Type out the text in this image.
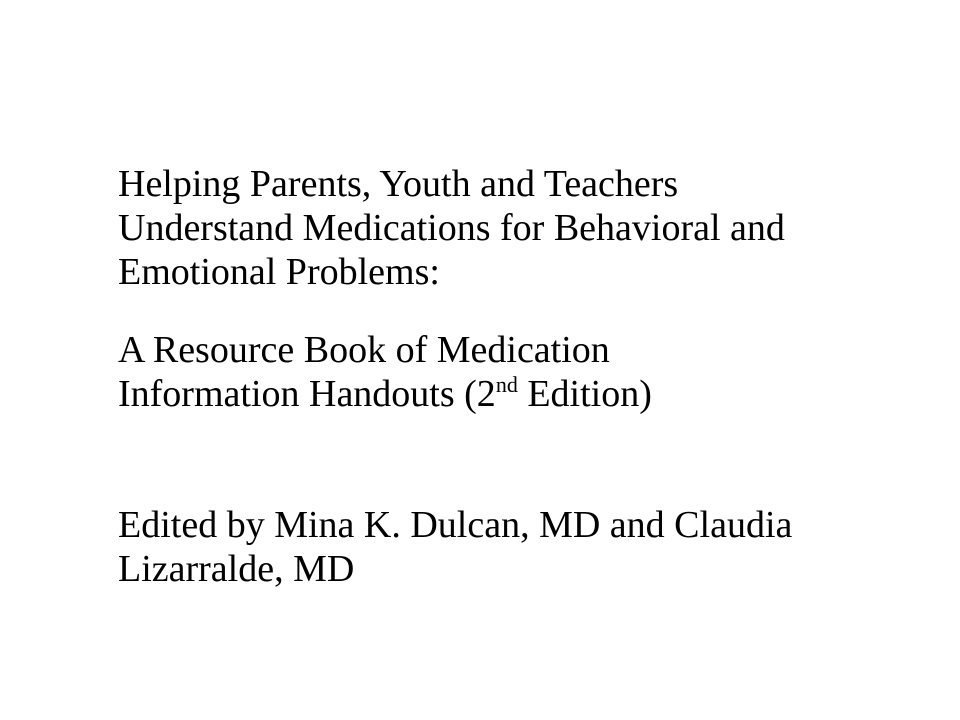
Helping Parents, Youth and Teachers
Understand Medications for Behavioral and
Emotional Problems:
A Resource Book of Medication
Information Handouts (2nd Edition)
Edited by Mina K. Dulcan, MD and Claudia
Lizarralde, MD
